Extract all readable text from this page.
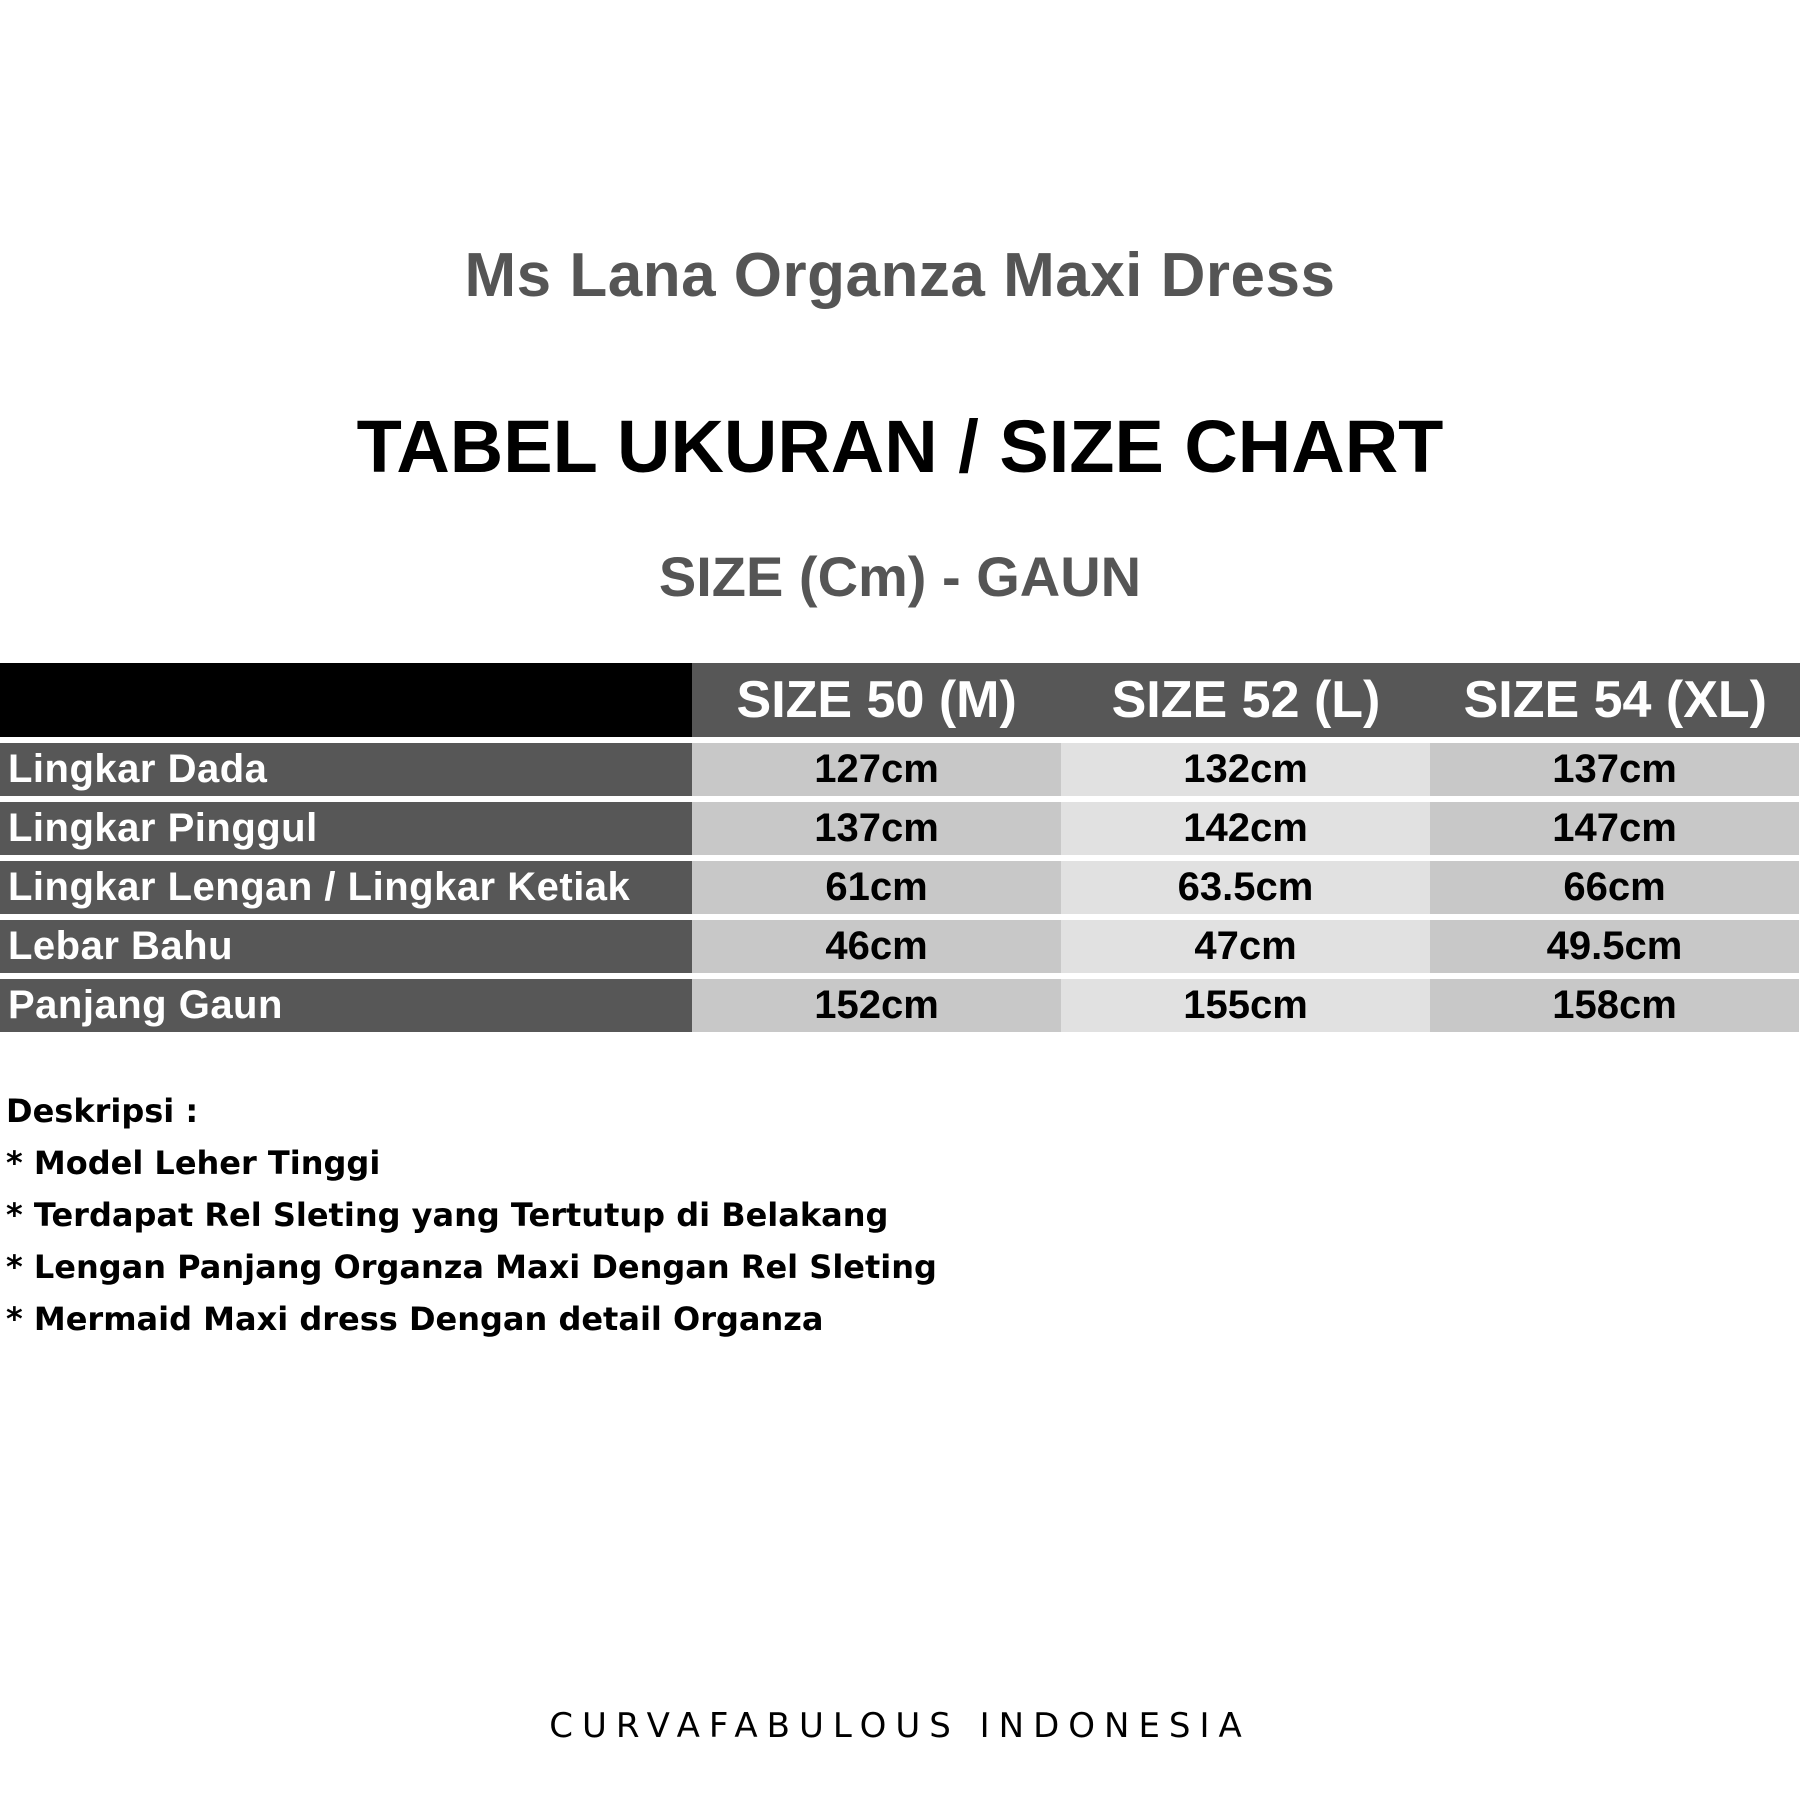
Ms Lana Organza Maxi Dress
TABEL UKURAN / SIZE CHART
SIZE (Cm) - GAUN
SIZE 50 (M)	SIZE 52 (L)	SIZE 54 (XL)
Lingkar Dada	127cm	132cm	137cm
Lingkar Pinggul	137cm	142cm	147cm
Lingkar Lengan / Lingkar Ketiak	61cm	63.5cm	66cm
Lebar Bahu	46cm	47cm	49.5cm
Panjang Gaun	152cm	155cm	158cm
Deskripsi :
* Model Leher Tinggi
* Terdapat Rel Sleting yang Tertutup di Belakang
* Lengan Panjang Organza Maxi Dengan Rel Sleting
* Mermaid Maxi dress Dengan detail Organza
CURVAFABULOUS INDONESIA
